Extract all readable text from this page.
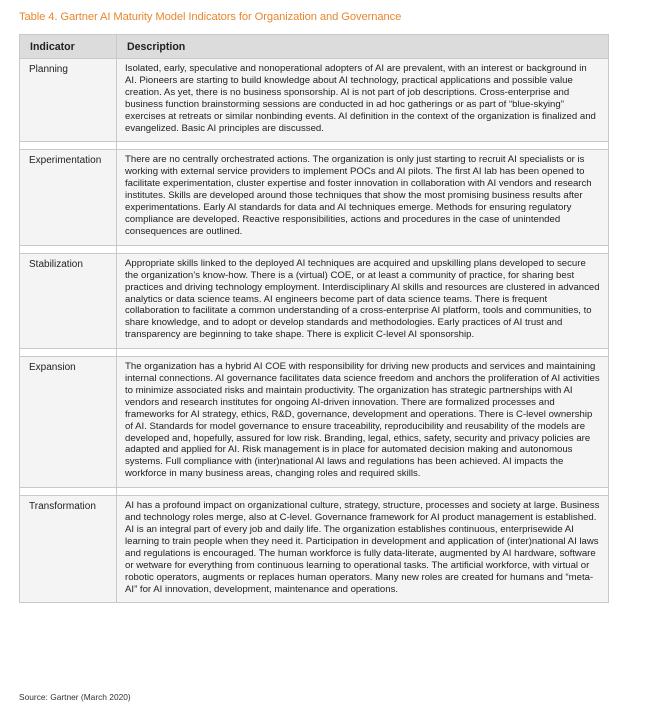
Table 4. Gartner AI Maturity Model Indicators for Organization and Governance
Indicator	Description
Planning	Isolated, early, speculative and nonoperational adopters of AI are prevalent, with an interest or background in AI. Pioneers are starting to build knowledge about AI technology, practical applications and possible value creation. As yet, there is no business sponsorship. AI is not part of job descriptions. Cross-enterprise and business function brainstorming sessions are conducted in ad hoc gatherings or as part of “blue-skying” exercises at retreats or similar nonbinding events. AI definition in the context of the organization is finalized and evangelized. Basic AI principles are discussed.

Experimentation	There are no centrally orchestrated actions. The organization is only just starting to recruit AI specialists or is working with external service providers to implement POCs and AI pilots. The first AI lab has been opened to facilitate experimentation, cluster expertise and foster innovation in collaboration with AI vendors and research institutes. Skills are developed around those techniques that show the most promising business results after experimentations. Early AI standards for data and AI techniques emerge. Methods for ensuring regulatory compliance are developed. Reactive responsibilities, actions and procedures in the case of unintended consequences are outlined.

Stabilization	Appropriate skills linked to the deployed AI techniques are acquired and upskilling plans developed to secure the organization’s know-how. There is a (virtual) COE, or at least a community of practice, for sharing best practices and driving technology employment. Interdisciplinary AI skills and resources are clustered in advanced analytics or data science teams. AI engineers become part of data science teams. There is frequent collaboration to facilitate a common understanding of a cross-enterprise AI platform, tools and communities, to share knowledge, and to adopt or develop standards and methodologies. Early practices of AI trust and transparency are beginning to take shape. There is explicit C-level AI sponsorship.

Expansion	The organization has a hybrid AI COE with responsibility for driving new products and services and maintaining internal connections. AI governance facilitates data science freedom and anchors the proliferation of AI activities to minimize associated risks and maintain productivity. The organization has strategic partnerships with AI vendors and research institutes for ongoing AI-driven innovation. There are formalized processes and frameworks for AI strategy, ethics, R&D, governance, development and operations. There is C-level ownership of AI. Standards for model governance to ensure traceability, reproducibility and reusability of the models are developed and, hopefully, assured for low risk. Branding, legal, ethics, safety, security and privacy policies are adapted and applied for AI. Risk management is in place for automated decision making and autonomous systems. Full compliance with (inter)national AI laws and regulations has been achieved. AI impacts the workforce in many business areas, changing roles and required skills.

Transformation	AI has a profound impact on organizational culture, strategy, structure, processes and society at large. Business and technology roles merge, also at C-level. Governance framework for AI product management is established. AI is an integral part of every job and daily life. The organization establishes continuous, enterprisewide AI learning to train people when they need it. Participation in development and application of (inter)national AI laws and regulations is encouraged. The human workforce is fully data-literate, augmented by AI hardware, software or wetware for everything from continuous learning to operational tasks. The artificial workforce, with virtual or robotic operators, augments or replaces human operators. Many new roles are created for humans and “meta-AI” for AI innovation, development, maintenance and operations.
Source: Gartner (March 2020)
